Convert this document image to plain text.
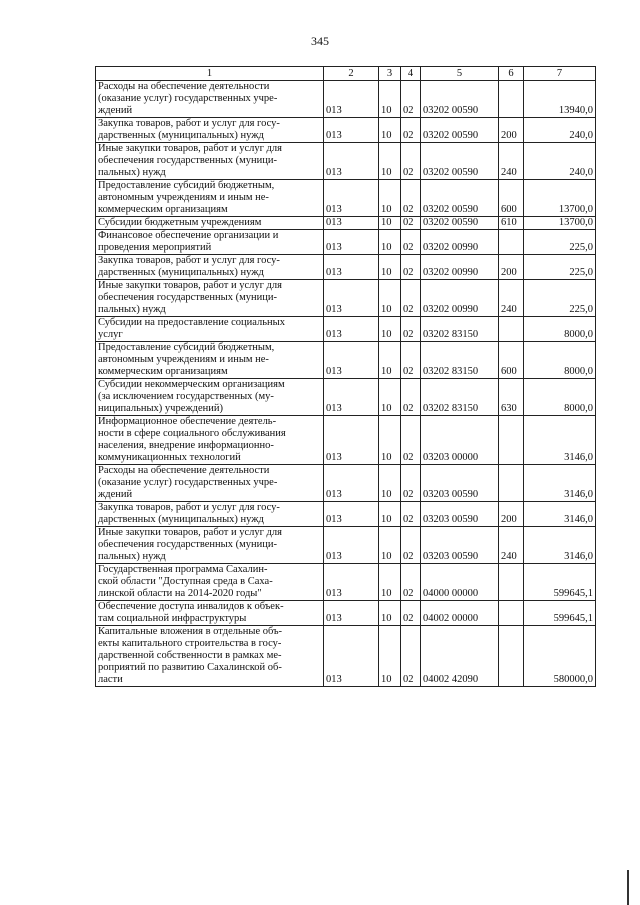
345
1	2	3	4	5	6	7

Расходы на обеспечение деятельности
(оказание услуг) государственных учре-
ждений	013	10	02	03202 00590		13940,0

Закупка товаров, работ и услуг для госу-
дарственных (муниципальных) нужд	013	10	02	03202 00590	200	240,0

Иные закупки товаров, работ и услуг для
обеспечения государственных (муници-
пальных) нужд	013	10	02	03202 00590	240	240,0

Предоставление субсидий бюджетным,
автономным учреждениям и иным не-
коммерческим организациям	013	10	02	03202 00590	600	13700,0

Субсидии бюджетным учреждениям	013	10	02	03202 00590	610	13700,0

Финансовое обеспечение организации и
проведения мероприятий	013	10	02	03202 00990		225,0

Закупка товаров, работ и услуг для госу-
дарственных (муниципальных) нужд	013	10	02	03202 00990	200	225,0

Иные закупки товаров, работ и услуг для
обеспечения государственных (муници-
пальных) нужд	013	10	02	03202 00990	240	225,0

Субсидии на предоставление социальных
услуг	013	10	02	03202 83150		8000,0

Предоставление субсидий бюджетным,
автономным учреждениям и иным не-
коммерческим организациям	013	10	02	03202 83150	600	8000,0

Субсидии некоммерческим организациям
(за исключением государственных (му-
ниципальных) учреждений)	013	10	02	03202 83150	630	8000,0

Информационное обеспечение деятель-
ности в сфере социального обслуживания
населения, внедрение информационно-
коммуникационных технологий	013	10	02	03203 00000		3146,0

Расходы на обеспечение деятельности
(оказание услуг) государственных учре-
ждений	013	10	02	03203 00590		3146,0

Закупка товаров, работ и услуг для госу-
дарственных (муниципальных) нужд	013	10	02	03203 00590	200	3146,0

Иные закупки товаров, работ и услуг для
обеспечения государственных (муници-
пальных) нужд	013	10	02	03203 00590	240	3146,0

Государственная программа Сахалин-
ской области "Доступная среда в Саха-
линской области на 2014-2020 годы"	013	10	02	04000 00000		599645,1

Обеспечение доступа инвалидов к объек-
там социальной инфраструктуры	013	10	02	04002 00000		599645,1

Капитальные вложения в отдельные объ-
екты капитального строительства в госу-
дарственной собственности в рамках ме-
роприятий по развитию Сахалинской об-
ласти	013	10	02	04002 42090		580000,0
